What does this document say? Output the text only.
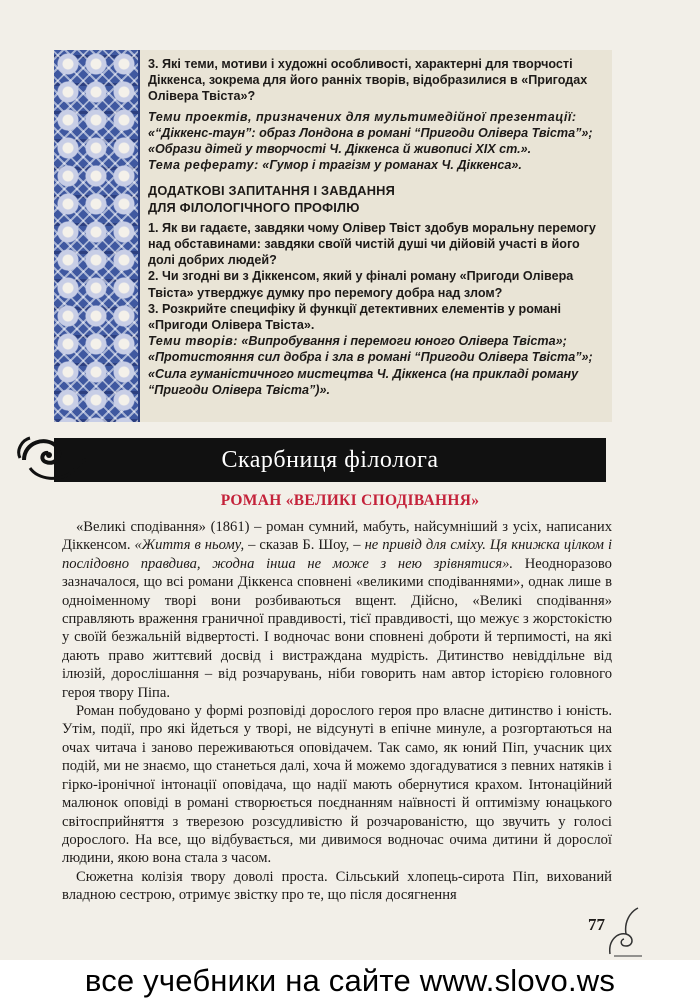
3. Які теми, мотиви і художні особливості, характерні для творчості Діккенса, зокрема для його ранніх творів, відобразилися в «Пригодах Олівера Твіста»?

Теми проектів, призначених для мультимедійної презентації: «“Діккенс-таун”: образ Лондона в романі “Пригоди Олівера Твіста”»; «Образи дітей у творчості Ч. Діккенса й живописі XIX ст.».

Тема реферату: «Гумор і трагізм у романах Ч. Діккенса».

ДОДАТКОВІ ЗАПИТАННЯ І ЗАВДАННЯ

ДЛЯ ФІЛОЛОГІЧНОГО ПРОФІЛЮ

1. Як ви гадаєте, завдяки чому Олівер Твіст здобув моральну перемогу над обставинами: завдяки своїй чистій душі чи дійовій участі в його долі добрих людей?

2. Чи згодні ви з Діккенсом, який у фіналі роману «Пригоди Олівера Твіста» утверджує думку про перемогу добра над злом?

3. Розкрийте специфіку й функції детективних елементів у романі «Пригоди Олівера Твіста».

Теми творів: «Випробування і перемоги юного Олівера Твіста»; «Протистояння сил добра і зла в романі “Пригоди Олівера Твіста”»; «Сила гуманістичного мистецтва Ч. Діккенса (на прикладі роману “Пригоди Олівера Твіста”)».

Скарбниця філолога
РОМАН «ВЕЛИКІ СПОДІВАННЯ»

«Великі сподівання» (1861) – роман сумний, мабуть, найсумніший з усіх, написаних Діккенсом. «Життя в ньому, – сказав Б. Шоу, – не привід для сміху. Ця книжка цілком і послідовно правдива, жодна інша не може з нею зрівнятися». Неодноразово зазначалося, що всі романи Діккенса сповнені «великими сподіваннями», однак лише в одноіменному творі вони розбиваються вщент. Дійсно, «Великі сподівання» справляють враження граничної правдивості, тієї правдивості, що межує з жорстокістю у своїй безжальній відвертості. І водночас вони сповнені доброти й терпимості, на які дають право життєвий досвід і вистраждана мудрість. Дитинство невіддільне від ілюзій, дорослішання – від розчарувань, ніби говорить нам автор історією головного героя твору Піпа.

Роман побудовано у формі розповіді дорослого героя про власне дитинство і юність. Утім, події, про які йдеться у творі, не відсунуті в епічне минуле, а розгортаються на очах читача і заново переживаються оповідачем. Так само, як юний Піп, учасник цих подій, ми не знаємо, що станеться далі, хоча й можемо здогадуватися з певних натяків і гірко-іронічної інтонації оповідача, що надії мають обернутися крахом. Інтонаційний малюнок оповіді в романі створюється поєднанням наївності й оптимізму юнацького світосприйняття з тверезою розсудливістю й розчарованістю, що звучить у голосі дорослого. На все, що відбувається, ми дивимося водночас очима дитини й дорослої людини, якою вона стала з часом.

Сюжетна колізія твору доволі проста. Сільський хлопець-сирота Піп, вихований владною сестрою, отримує звістку про те, що після досягнення

77
все учебники на сайте www.slovo.ws
